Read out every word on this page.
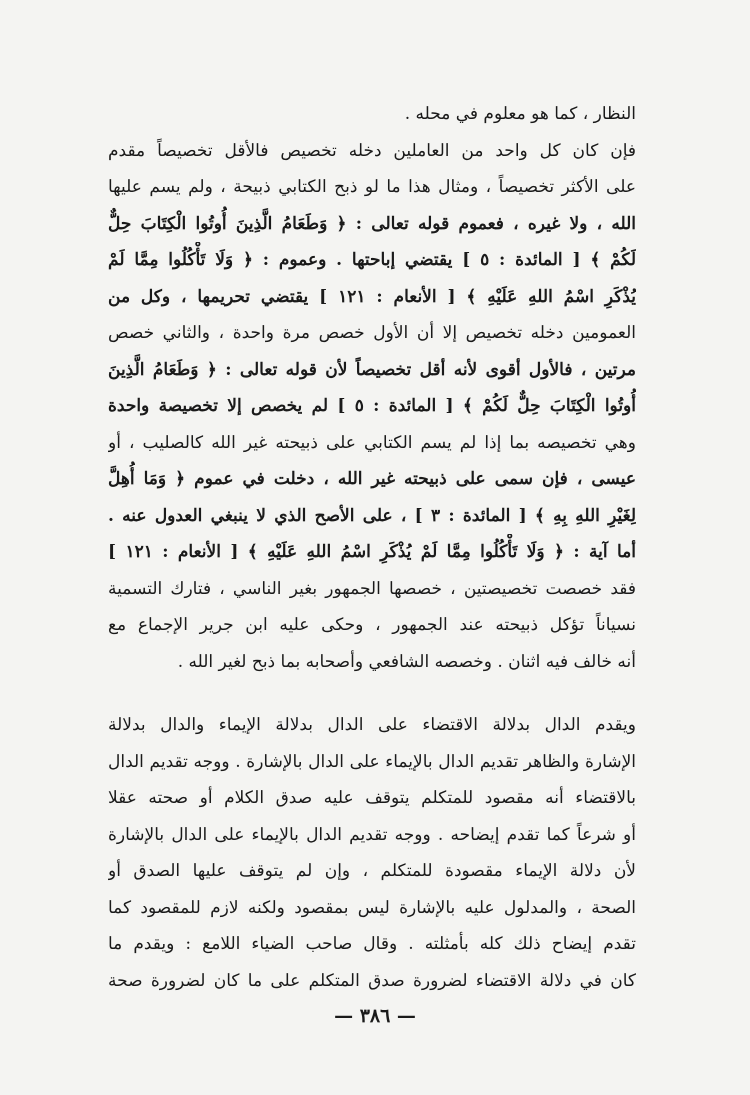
النظار ، كما هو معلوم في محله .
فإن كان كل واحد من العاملين دخله تخصيص فالأقل تخصيصاً مقدم
على الأكثر تخصيصاً ، ومثال هذا ما لو ذبح الكتابي ذبيحة ، ولم يسم عليها
الله ، ولا غيره ، فعموم قوله تعالى : ﴿ وَطَعَامُ الَّذِينَ أُوتُوا الْكِتَابَ حِلٌّ
لَكُمْ ﴾ [ المائدة : ٥ ] يقتضي إباحتها . وعموم : ﴿ وَلَا تَأْكُلُوا مِمَّا لَمْ
يُذْكَرِ اسْمُ اللهِ عَلَيْهِ ﴾ [ الأنعام : ١٢١ ] يقتضي تحريمها ، وكل من
العمومين دخله تخصيص إلا أن الأول خصص مرة واحدة ، والثاني خصص
مرتين ، فالأول أقوى لأنه أقل تخصيصاً لأن قوله تعالى : ﴿ وَطَعَامُ الَّذِينَ
أُوتُوا الْكِتَابَ حِلٌّ لَكُمْ ﴾ [ المائدة : ٥ ] لم يخصص إلا تخصيصة واحدة
وهي تخصيصه بما إذا لم يسم الكتابي على ذبيحته غير الله كالصليب ، أو
عيسى ، فإن سمى على ذبيحته غير الله ، دخلت في عموم ﴿ وَمَا أُهِلَّ
لِغَيْرِ اللهِ بِهِ ﴾ [ المائدة : ٣ ] ، على الأصح الذي لا ينبغي العدول عنه .
أما آية : ﴿ وَلَا تَأْكُلُوا مِمَّا لَمْ يُذْكَرِ اسْمُ اللهِ عَلَيْهِ ﴾ [ الأنعام : ١٢١ ]
فقد خصصت تخصيصتين ، خصصها الجمهور بغير الناسي ، فتارك التسمية
نسياناً تؤكل ذبيحته عند الجمهور ، وحكى عليه ابن جرير الإجماع مع
أنه خالف فيه اثنان . وخصصه الشافعي وأصحابه بما ذبح لغير الله .
ويقدم الدال بدلالة الاقتضاء على الدال بدلالة الإيماء والدال بدلالة
الإشارة والظاهر تقديم الدال بالإيماء على الدال بالإشارة . ووجه تقديم الدال
بالاقتضاء أنه مقصود للمتكلم يتوقف عليه صدق الكلام أو صحته عقلا
أو شرعاً كما تقدم إيضاحه . ووجه تقديم الدال بالإيماء على الدال بالإشارة
لأن دلالة الإيماء مقصودة للمتكلم ، وإن لم يتوقف عليها الصدق أو
الصحة ، والمدلول عليه بالإشارة ليس بمقصود ولكنه لازم للمقصود كما
تقدم إيضاح ذلك كله بأمثلته . وقال صاحب الضياء اللامع : ويقدم ما
كان في دلالة الاقتضاء لضرورة صدق المتكلم على ما كان لضرورة صحة
— ٣٨٦ —
